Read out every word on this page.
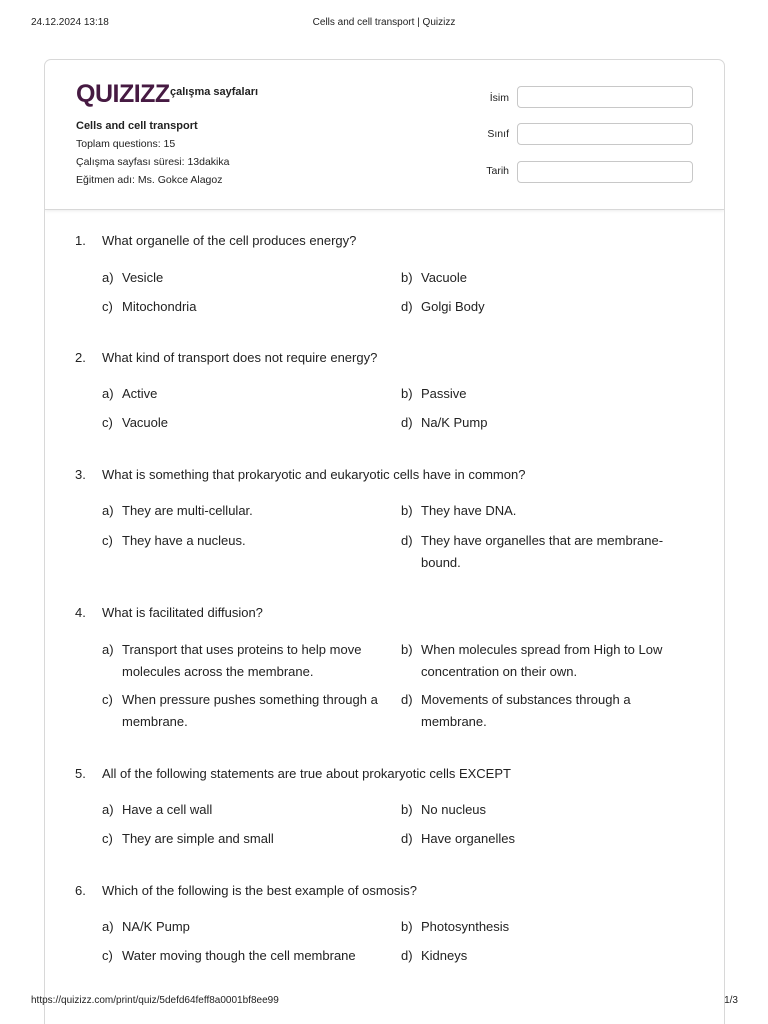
24.12.2024 13:18	Cells and cell transport | Quizizz
QUIZIZZ çalışma sayfaları
Cells and cell transport
Toplam questions: 15
Çalışma sayfası süresi: 13dakika
Eğitmen adı: Ms. Gokce Alagoz
İsim
Sınıf
Tarih
1.	What organelle of the cell produces energy?
a) Vesicle	b) Vacuole
c) Mitochondria	d) Golgi Body
2.	What kind of transport does not require energy?
a) Active	b) Passive
c) Vacuole	d) Na/K Pump
3.	What is something that prokaryotic and eukaryotic cells have in common?
a) They are multi-cellular.	b) They have DNA.
c) They have a nucleus.	d) They have organelles that are membrane-bound.
4.	What is facilitated diffusion?
a) Transport that uses proteins to help move molecules across the membrane.
b) When molecules spread from High to Low concentration on their own.
c) When pressure pushes something through a membrane.
d) Movements of substances through a membrane.
5.	All of the following statements are true about prokaryotic cells EXCEPT
a) Have a cell wall	b) No nucleus
c) They are simple and small	d) Have organelles
6.	Which of the following is the best example of osmosis?
a) NA/K Pump	b) Photosynthesis
c) Water moving though the cell membrane	d) Kidneys
https://quizizz.com/print/quiz/5defd64feff8a0001bf8ee99	1/3
